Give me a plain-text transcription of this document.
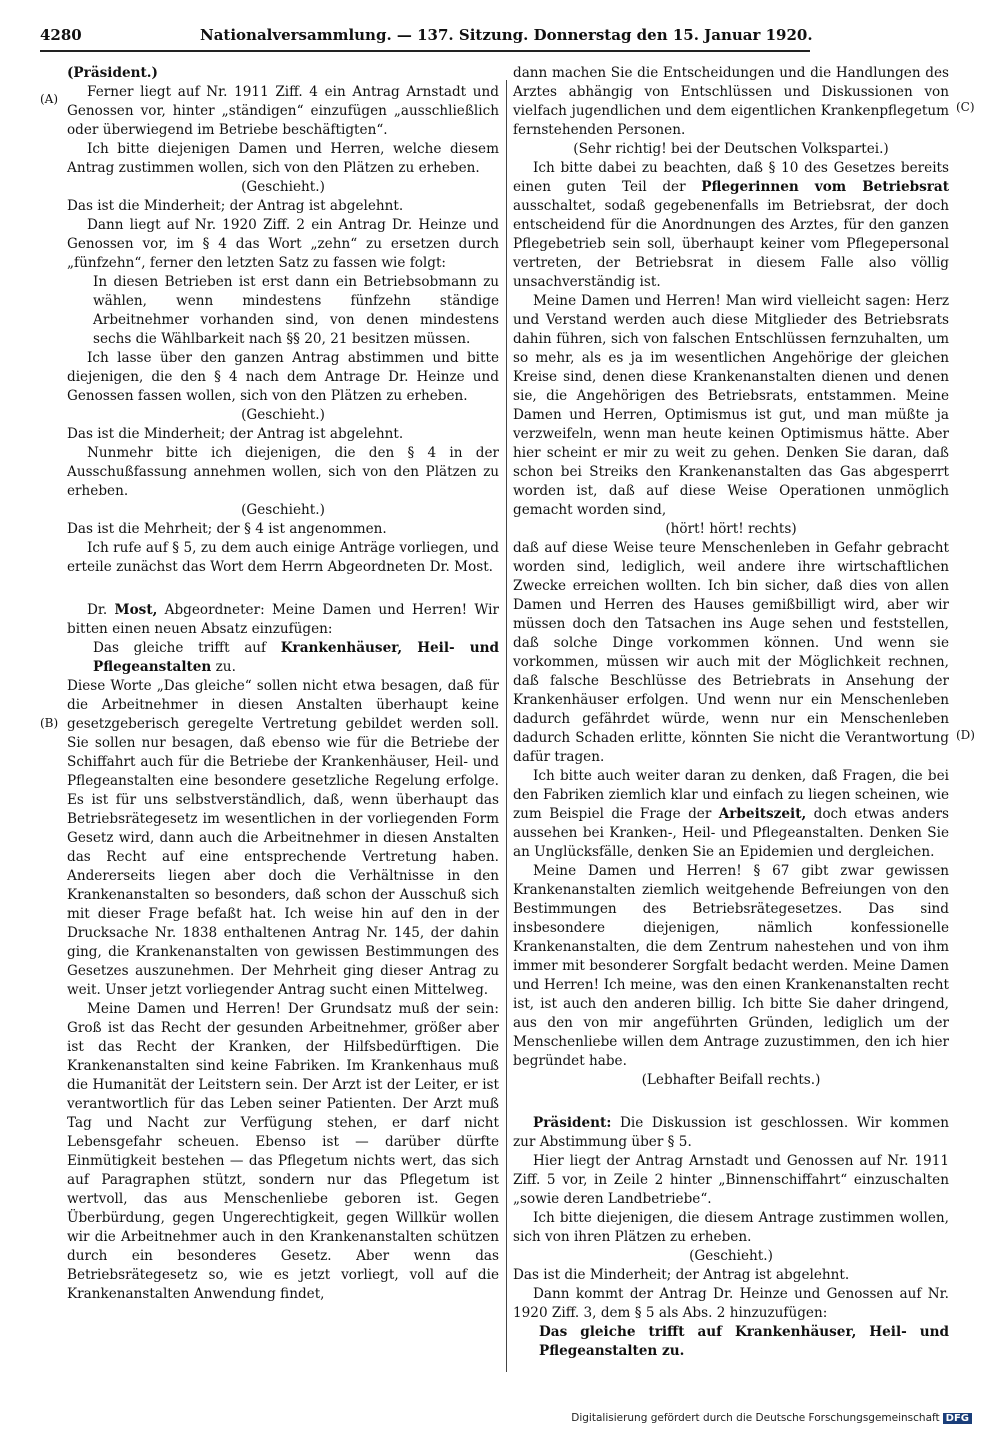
4280	Nationalversammlung. — 137. Sitzung. Donnerstag den 15. Januar 1920.
(A)
(B)
(C)
(D)

(Präsident.)

Ferner liegt auf Nr. 1911 Ziff. 4 ein Antrag Arnstadt und Genossen vor, hinter „ständigen“ einzufügen „ausschließlich oder überwiegend im Betriebe beschäftigten“.

Ich bitte diejenigen Damen und Herren, welche diesem Antrag zustimmen wollen, sich von den Plätzen zu erheben.

(Geschieht.)

Das ist die Minderheit; der Antrag ist abgelehnt.

Dann liegt auf Nr. 1920 Ziff. 2 ein Antrag Dr. Heinze und Genossen vor, im § 4 das Wort „zehn“ zu ersetzen durch „fünfzehn“, ferner den letzten Satz zu fassen wie folgt:

In diesen Betrieben ist erst dann ein Betriebsobmann zu wählen, wenn mindestens fünfzehn ständige Arbeitnehmer vorhanden sind, von denen mindestens sechs die Wählbarkeit nach §§ 20, 21 besitzen müssen.

Ich lasse über den ganzen Antrag abstimmen und bitte diejenigen, die den § 4 nach dem Antrage Dr. Heinze und Genossen fassen wollen, sich von den Plätzen zu erheben.

(Geschieht.)

Das ist die Minderheit; der Antrag ist abgelehnt.

Nunmehr bitte ich diejenigen, die den § 4 in der Ausschußfassung annehmen wollen, sich von den Plätzen zu erheben.

(Geschieht.)

Das ist die Mehrheit; der § 4 ist angenommen.

Ich rufe auf § 5, zu dem auch einige Anträge vorliegen, und erteile zunächst das Wort dem Herrn Abgeordneten Dr. Most.

Dr. Most, Abgeordneter: Meine Damen und Herren! Wir bitten einen neuen Absatz einzufügen:

Das gleiche trifft auf Krankenhäuser, Heil- und Pflegeanstalten zu.

Diese Worte „Das gleiche“ sollen nicht etwa besagen, daß für die Arbeitnehmer in diesen Anstalten überhaupt keine gesetzgeberisch geregelte Vertretung gebildet werden soll. Sie sollen nur besagen, daß ebenso wie für die Betriebe der Schiffahrt auch für die Betriebe der Krankenhäuser, Heil- und Pflegeanstalten eine besondere gesetzliche Regelung erfolge. Es ist für uns selbstverständlich, daß, wenn überhaupt das Betriebsrätegesetz im wesentlichen in der vorliegenden Form Gesetz wird, dann auch die Arbeitnehmer in diesen Anstalten das Recht auf eine entsprechende Vertretung haben. Andererseits liegen aber doch die Verhältnisse in den Krankenanstalten so besonders, daß schon der Ausschuß sich mit dieser Frage befaßt hat. Ich weise hin auf den in der Drucksache Nr. 1838 enthaltenen Antrag Nr. 145, der dahin ging, die Krankenanstalten von gewissen Bestimmungen des Gesetzes auszunehmen. Der Mehrheit ging dieser Antrag zu weit. Unser jetzt vorliegender Antrag sucht einen Mittelweg.

Meine Damen und Herren! Der Grundsatz muß der sein: Groß ist das Recht der gesunden Arbeitnehmer, größer aber ist das Recht der Kranken, der Hilfsbedürftigen. Die Krankenanstalten sind keine Fabriken. Im Krankenhaus muß die Humanität der Leitstern sein. Der Arzt ist der Leiter, er ist verantwortlich für das Leben seiner Patienten. Der Arzt muß Tag und Nacht zur Verfügung stehen, er darf nicht Lebensgefahr scheuen. Ebenso ist — darüber dürfte Einmütigkeit bestehen — das Pflegetum nichts wert, das sich auf Paragraphen stützt, sondern nur das Pflegetum ist wertvoll, das aus Menschenliebe geboren ist. Gegen Überbürdung, gegen Ungerechtigkeit, gegen Willkür wollen wir die Arbeitnehmer auch in den Krankenanstalten schützen durch ein besonderes Gesetz. Aber wenn das Betriebsrätegesetz so, wie es jetzt vorliegt, voll auf die Krankenanstalten Anwendung findet,

dann machen Sie die Entscheidungen und die Handlungen des Arztes abhängig von Entschlüssen und Diskussionen von vielfach jugendlichen und dem eigentlichen Krankenpflegetum fernstehenden Personen.

(Sehr richtig! bei der Deutschen Volkspartei.)

Ich bitte dabei zu beachten, daß § 10 des Gesetzes bereits einen guten Teil der Pflegerinnen vom Betriebsrat ausschaltet, sodaß gegebenenfalls im Betriebsrat, der doch entscheidend für die Anordnungen des Arztes, für den ganzen Pflegebetrieb sein soll, überhaupt keiner vom Pflegepersonal vertreten, der Betriebsrat in diesem Falle also völlig unsachverständig ist.

Meine Damen und Herren! Man wird vielleicht sagen: Herz und Verstand werden auch diese Mitglieder des Betriebsrats dahin führen, sich von falschen Entschlüssen fernzuhalten, um so mehr, als es ja im wesentlichen Angehörige der gleichen Kreise sind, denen diese Krankenanstalten dienen und denen sie, die Angehörigen des Betriebsrats, entstammen. Meine Damen und Herren, Optimismus ist gut, und man müßte ja verzweifeln, wenn man heute keinen Optimismus hätte. Aber hier scheint er mir zu weit zu gehen. Denken Sie daran, daß schon bei Streiks den Krankenanstalten das Gas abgesperrt worden ist, daß auf diese Weise Operationen unmöglich gemacht worden sind,

(hört! hört! rechts)

daß auf diese Weise teure Menschenleben in Gefahr gebracht worden sind, lediglich, weil andere ihre wirtschaftlichen Zwecke erreichen wollten. Ich bin sicher, daß dies von allen Damen und Herren des Hauses gemißbilligt wird, aber wir müssen doch den Tatsachen ins Auge sehen und feststellen, daß solche Dinge vorkommen können. Und wenn sie vorkommen, müssen wir auch mit der Möglichkeit rechnen, daß falsche Beschlüsse des Betriebrats in Ansehung der Krankenhäuser erfolgen. Und wenn nur ein Menschenleben dadurch gefährdet würde, wenn nur ein Menschenleben dadurch Schaden erlitte, könnten Sie nicht die Verantwortung dafür tragen.

Ich bitte auch weiter daran zu denken, daß Fragen, die bei den Fabriken ziemlich klar und einfach zu liegen scheinen, wie zum Beispiel die Frage der Arbeitszeit, doch etwas anders aussehen bei Kranken-, Heil- und Pflegeanstalten. Denken Sie an Unglücksfälle, denken Sie an Epidemien und dergleichen.

Meine Damen und Herren! § 67 gibt zwar gewissen Krankenanstalten ziemlich weitgehende Befreiungen von den Bestimmungen des Betriebsrätegesetzes. Das sind insbesondere diejenigen, nämlich konfessionelle Krankenanstalten, die dem Zentrum nahestehen und von ihm immer mit besonderer Sorgfalt bedacht werden. Meine Damen und Herren! Ich meine, was den einen Krankenanstalten recht ist, ist auch den anderen billig. Ich bitte Sie daher dringend, aus den von mir angeführten Gründen, lediglich um der Menschenliebe willen dem Antrage zuzustimmen, den ich hier begründet habe.

(Lebhafter Beifall rechts.)

Präsident: Die Diskussion ist geschlossen. Wir kommen zur Abstimmung über § 5.

Hier liegt der Antrag Arnstadt und Genossen auf Nr. 1911 Ziff. 5 vor, in Zeile 2 hinter „Binnenschiffahrt“ einzuschalten „sowie deren Landbetriebe“.

Ich bitte diejenigen, die diesem Antrage zustimmen wollen, sich von ihren Plätzen zu erheben.

(Geschieht.)

Das ist die Minderheit; der Antrag ist abgelehnt.

Dann kommt der Antrag Dr. Heinze und Genossen auf Nr. 1920 Ziff. 3, dem § 5 als Abs. 2 hinzuzufügen:

Das gleiche trifft auf Krankenhäuser, Heil- und Pflegeanstalten zu.

Digitalisierung gefördert durch die Deutsche Forschungsgemeinschaft DFG
